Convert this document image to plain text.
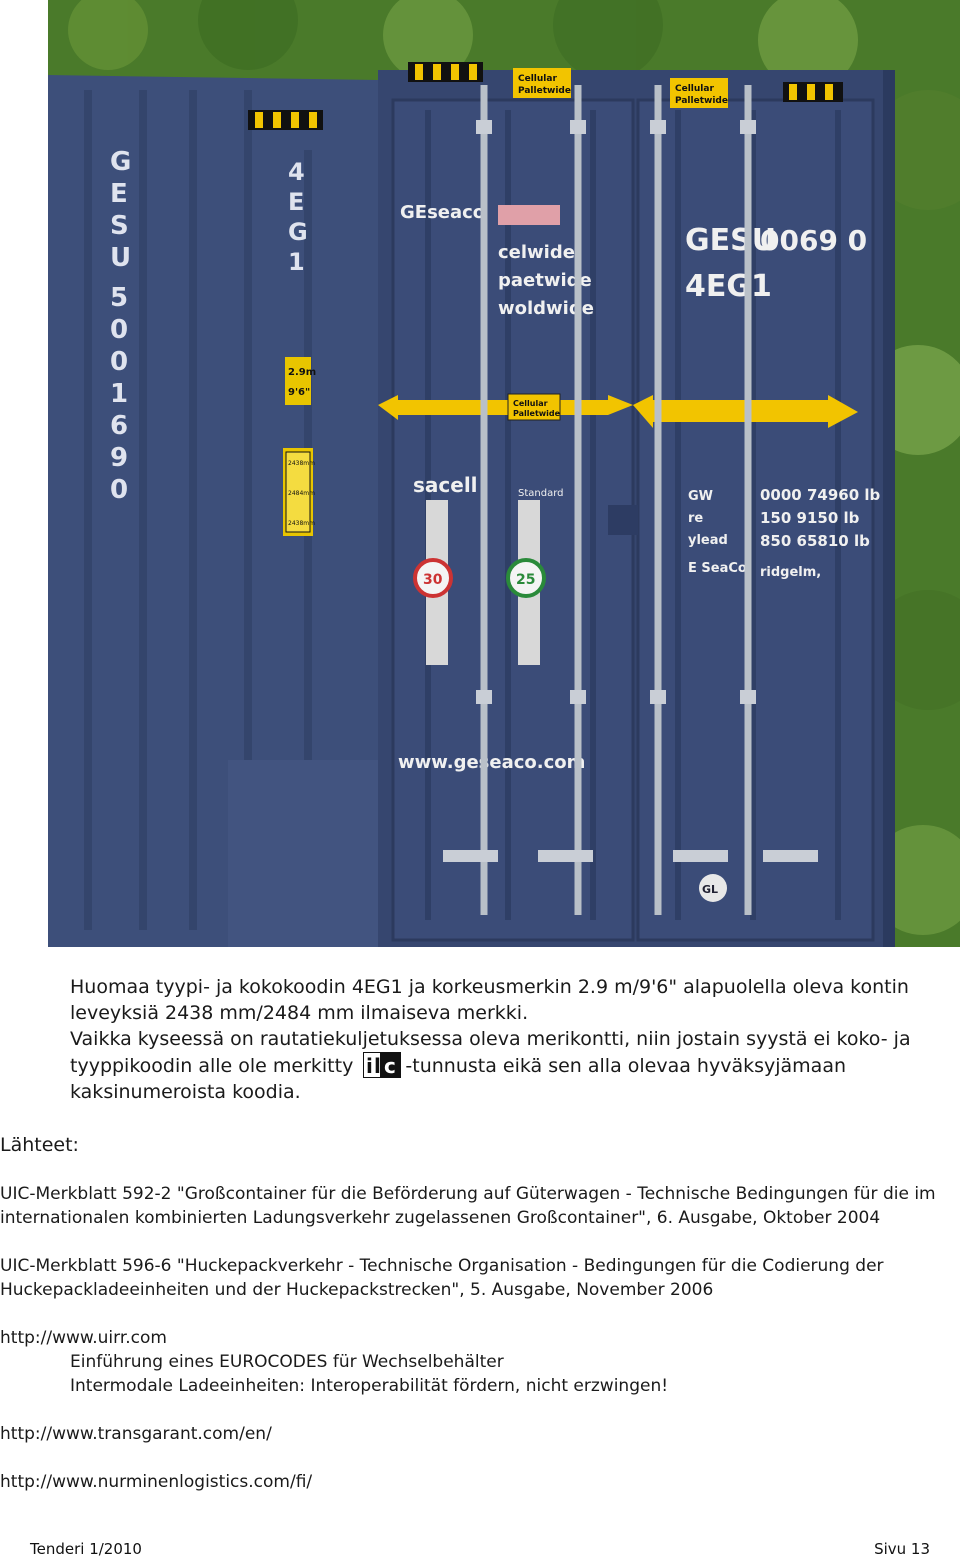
G E S U 5 0 0 1 6 9 0
4 E G 1
2.9m
9'6"
2438mm
2484mm
2438mm
Cellular
Palletwide	Cellular
Palletwide
GEseaco
celwide
paetwide
woldwide
GESU
4EG1
0069 0
Cellular
Palletwide
sacell	Standard
30	25
GW
re
ylead
E SeaCo
0000 74960 lb
150 9150 lb
850 65810 lb
ridgelm,
www.geseaco.com
GL

Huomaa tyypi- ja kokokoodin 4EG1 ja korkeusmerkin 2.9 m/9'6" alapuolella oleva kontin leveyksiä 2438 mm/2484 mm ilmaiseva merkki.

Vaikka kyseessä on rautatiekuljetuksessa oleva merikontti, niin jostain syystä ei koko- ja tyyppikoodin alle ole merkitty i l c -tunnusta eikä sen alla olevaa hyväksyjämaan kaksinumeroista koodia.

Lähteet:
UIC-Merkblatt 592-2 "Großcontainer für die Beförderung auf Güterwagen - Technische Bedingungen für die im internationalen kombinierten Ladungsverkehr zugelassenen Großcontainer", 6. Ausgabe, Oktober 2004
UIC-Merkblatt 596-6 "Huckepackverkehr - Technische Organisation - Bedingungen für die Codierung der Huckepackladeeinheiten und der Huckepackstrecken", 5. Ausgabe, November 2006
http://www.uirr.com
Einführung eines EUROCODES für Wechselbehälter
Intermodale Ladeeinheiten: Interoperabilität fördern, nicht erzwingen!
http://www.transgarant.com/en/
http://www.nurminenlogistics.com/fi/
Tenderi 1/2010	Sivu 13
